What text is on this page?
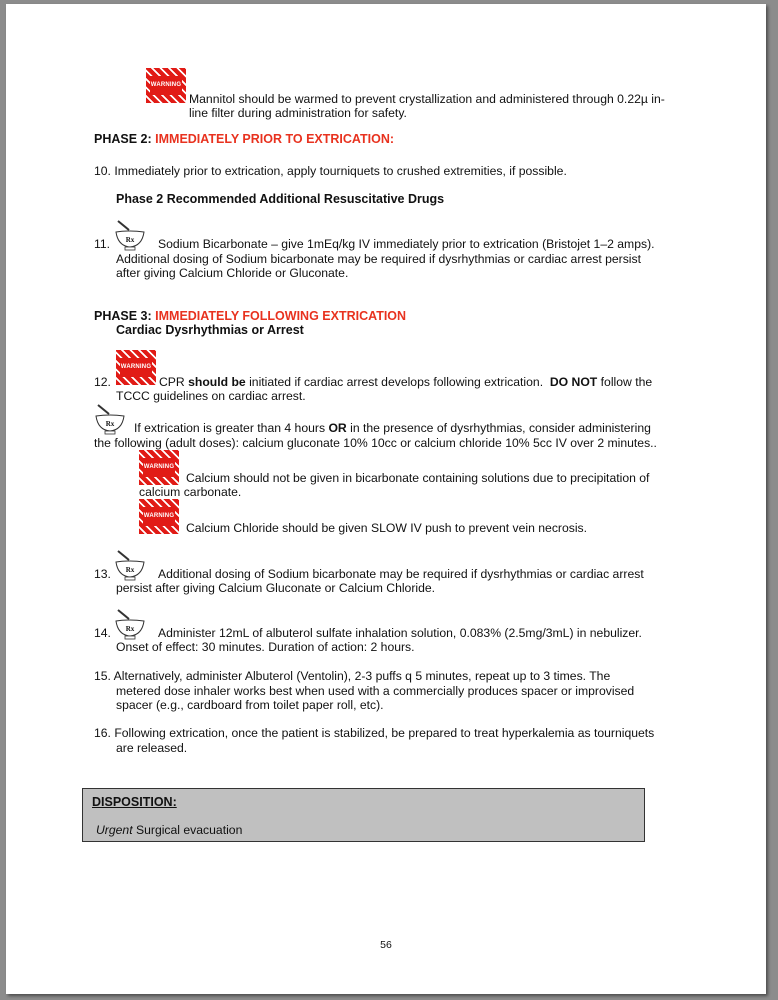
WARNING
Mannitol should be warmed to prevent crystallization and administered through 0.22µ in-
line filter during administration for safety.
PHASE 2: IMMEDIATELY PRIOR TO EXTRICATION:
10. Immediately prior to extrication, apply tourniquets to crushed extremities, if possible.
Phase 2 Recommended Additional Resuscitative Drugs
11. Rx Sodium Bicarbonate – give 1mEq/kg IV immediately prior to extrication (Bristojet 1–2 amps).
Additional dosing of Sodium bicarbonate may be required if dysrhythmias or cardiac arrest persist
after giving Calcium Chloride or Gluconate.
PHASE 3: IMMEDIATELY FOLLOWING EXTRICATION
Cardiac Dysrhythmias or Arrest
12.
WARNING
CPR should be initiated if cardiac arrest develops following extrication. DO NOT follow the
TCCC guidelines on cardiac arrest.
Rx If extrication is greater than 4 hours OR in the presence of dysrhythmias, consider administering
the following (adult doses): calcium gluconate 10% 10cc or calcium chloride 10% 5cc IV over 2 minutes..
WARNING
Calcium should not be given in bicarbonate containing solutions due to precipitation of
calcium carbonate.
WARNING
Calcium Chloride should be given SLOW IV push to prevent vein necrosis.
13. Rx Additional dosing of Sodium bicarbonate may be required if dysrhythmias or cardiac arrest
persist after giving Calcium Gluconate or Calcium Chloride.
14. Rx Administer 12mL of albuterol sulfate inhalation solution, 0.083% (2.5mg/3mL) in nebulizer.
Onset of effect: 30 minutes. Duration of action: 2 hours.
15. Alternatively, administer Albuterol (Ventolin), 2-3 puffs q 5 minutes, repeat up to 3 times. The
metered dose inhaler works best when used with a commercially produces spacer or improvised
spacer (e.g., cardboard from toilet paper roll, etc).
16. Following extrication, once the patient is stabilized, be prepared to treat hyperkalemia as tourniquets
are released.
DISPOSITION:
Urgent Surgical evacuation
56
